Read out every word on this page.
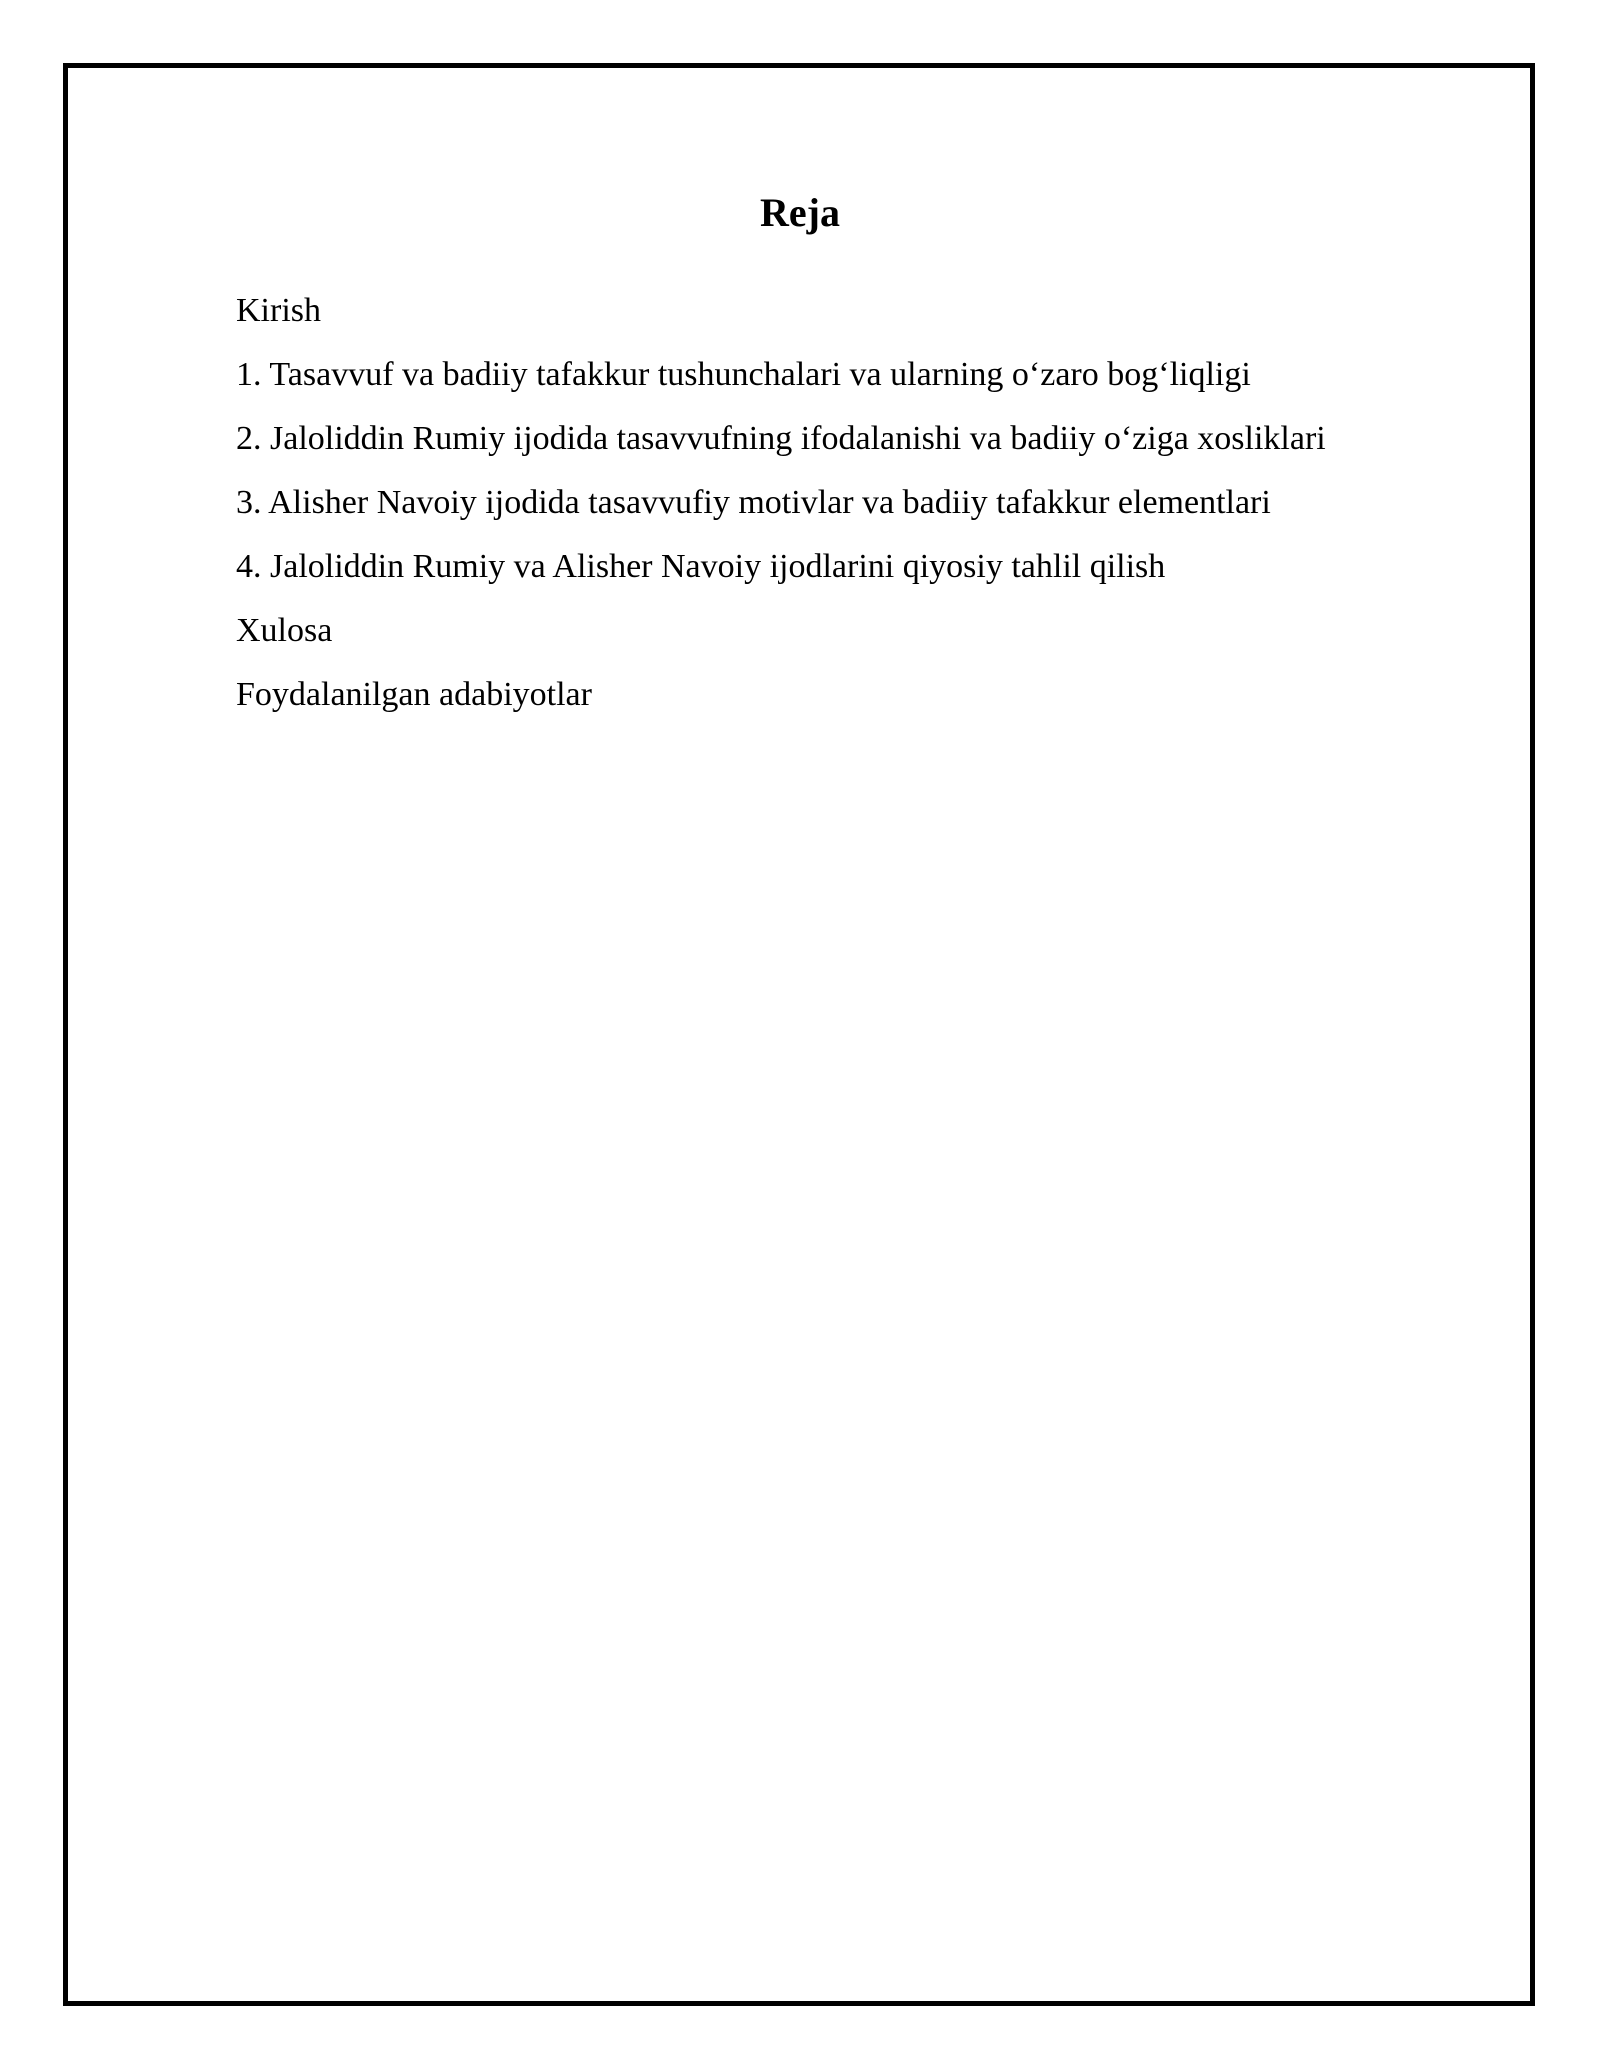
Reja
Kirish
1. Tasavvuf va badiiy tafakkur tushunchalari va ularning o‘zaro bog‘liqligi
2. Jaloliddin Rumiy ijodida tasavvufning ifodalanishi va badiiy o‘ziga xosliklari
3. Alisher Navoiy ijodida tasavvufiy motivlar va badiiy tafakkur elementlari
4. Jaloliddin Rumiy va Alisher Navoiy ijodlarini qiyosiy tahlil qilish
Xulosa
Foydalanilgan adabiyotlar
